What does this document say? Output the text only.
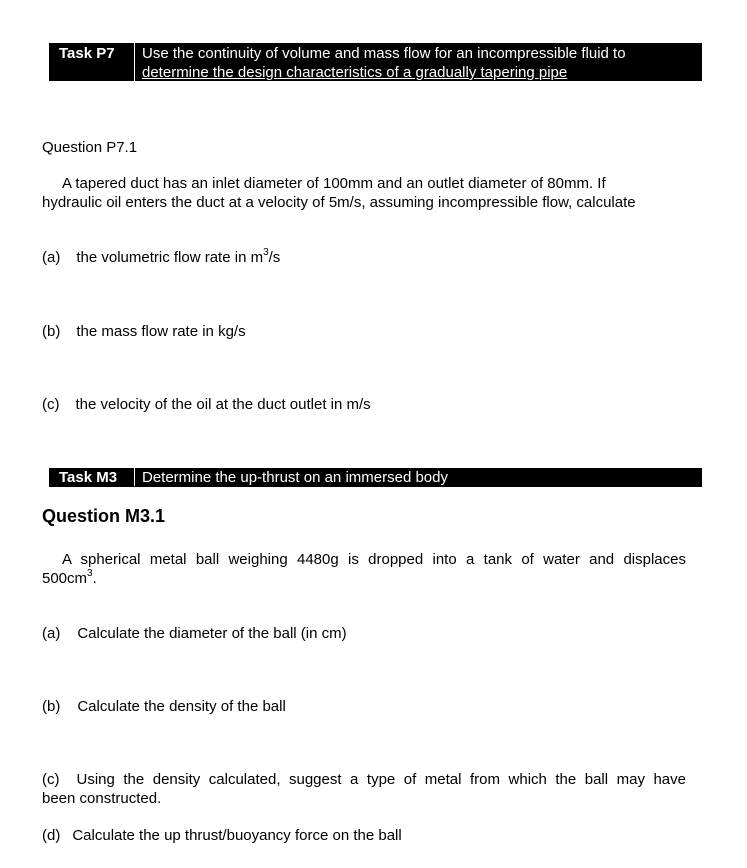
Task P7 Use the continuity of volume and mass flow for an incompressible fluid to
determine the design characteristics of a gradually tapering pipe
Question P7.1
A tapered duct has an inlet diameter of 100mm and an outlet diameter of 80mm. If
hydraulic oil enters the duct at a velocity of 5m/s, assuming incompressible flow, calculate
(a) the volumetric flow rate in $m^3/s$
(b) the mass flow rate in kg/s
(c) the velocity of the oil at the duct outlet in m/s
Task M3 Determine the up-thrust on an immersed body
Question M3.1
A spherical metal ball weighing 4480g is dropped into a tank of water and displaces
$500cm^3$.
(a) Calculate the diameter of the ball (in cm)
(b) Calculate the density of the ball
(c) Using the density calculated, suggest a type of metal from which the ball may have
been constructed.
(d) Calculate the up thrust/buoyancy force on the ball
